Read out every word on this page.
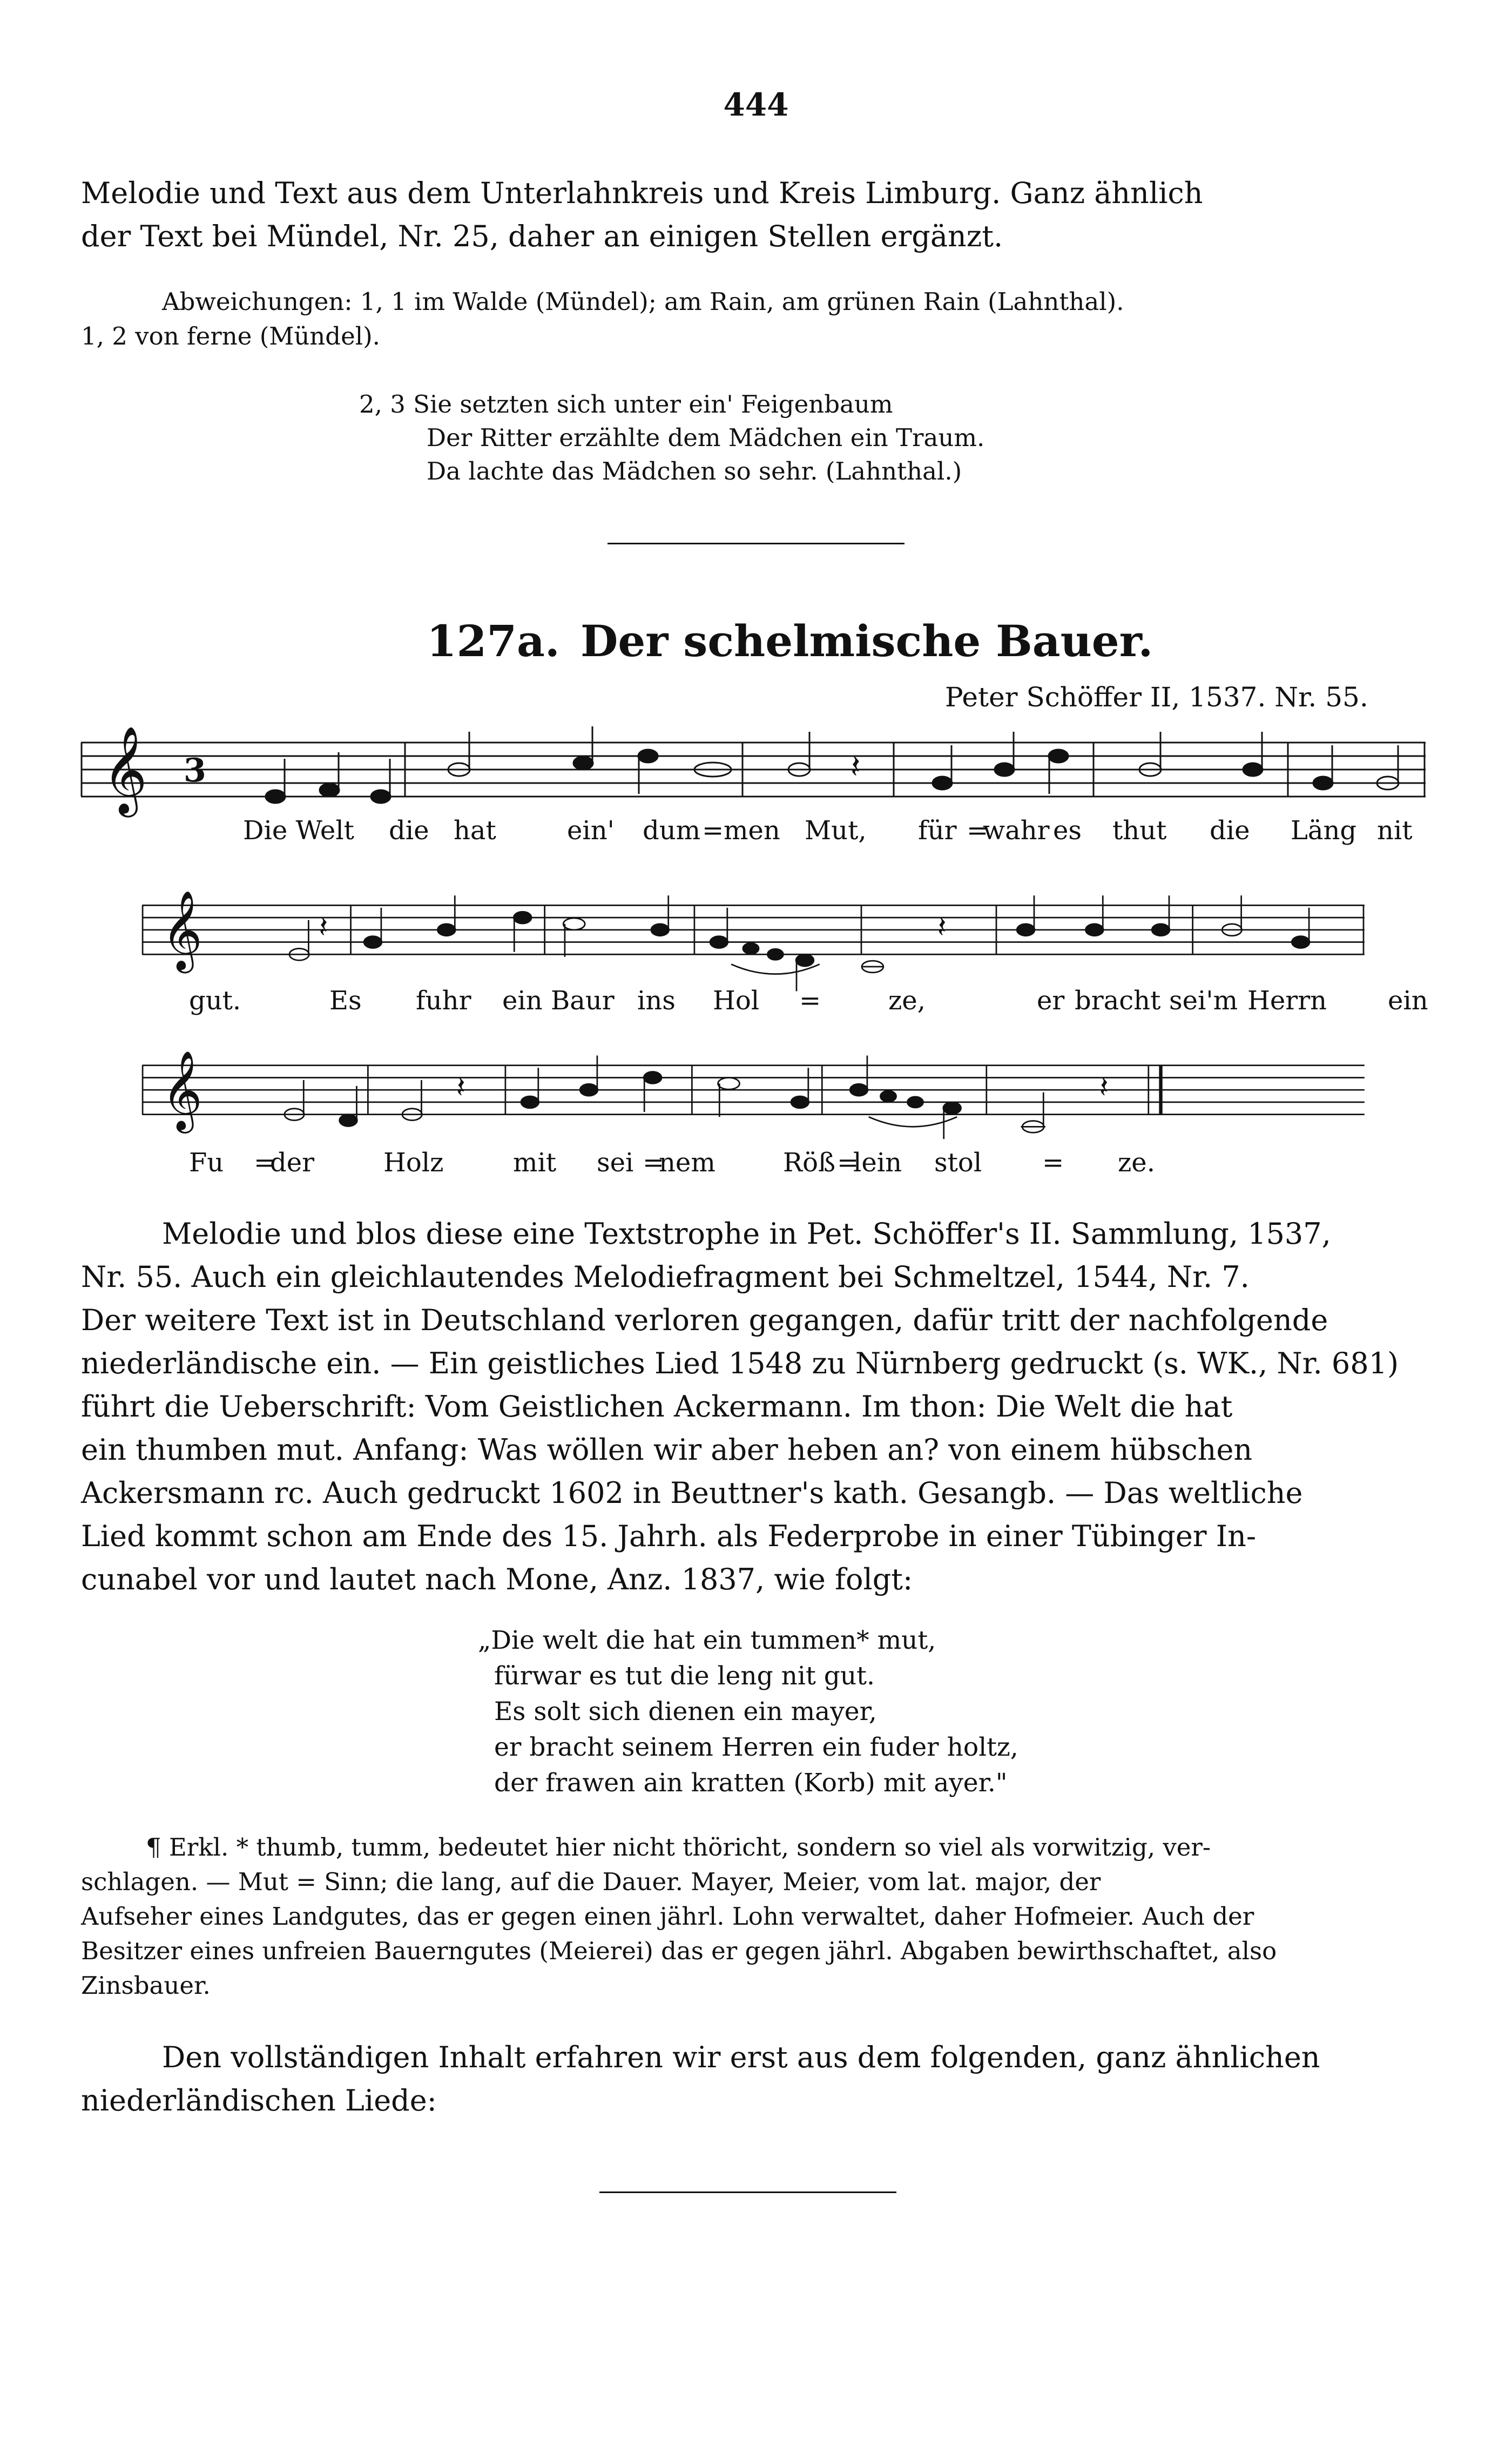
444
Melodie und Text aus dem Unterlahnkreis und Kreis Limburg. Ganz ähnlich
der Text bei Mündel, Nr. 25, daher an einigen Stellen ergänzt.
Abweichungen: 1, 1 im Walde (Mündel); am Rain, am grünen Rain (Lahnthal).
1, 2 von ferne (Mündel).
2, 3 Sie setzten sich unter ein' Feigenbaum
Der Ritter erzählte dem Mädchen ein Traum.
Da lachte das Mädchen so sehr. (Lahnthal.)
127a. Der schelmische Bauer.
Peter Schöffer II, 1537. Nr. 55.
𝄞 3	𝄽
Die Welt die hat	ein' dum = men Mut, für =
wahr es thut die Läng nit
𝄞	𝄽	𝄽
gut.	Es fuhr ein Baur ins Hol =	ze,	er bracht sei'm Herrn ein
𝄞	𝄽	𝄽
Fu =
der	Holz	mit sei =
nem	Röß =
lein stol = ze.
Melodie und blos diese eine Textstrophe in Pet. Schöffer's II. Sammlung, 1537,
Nr. 55. Auch ein gleichlautendes Melodiefragment bei Schmeltzel, 1544, Nr. 7.
Der weitere Text ist in Deutschland verloren gegangen, dafür tritt der nachfolgende
niederländische ein. — Ein geistliches Lied 1548 zu Nürnberg gedruckt (s. WK., Nr. 681)
führt die Ueberschrift: Vom Geistlichen Ackermann. Im thon: Die Welt die hat
ein thumben mut. Anfang: Was wöllen wir aber heben an? von einem hübschen
Ackersmann rc. Auch gedruckt 1602 in Beuttner's kath. Gesangb. — Das weltliche
Lied kommt schon am Ende des 15. Jahrh. als Federprobe in einer Tübinger In-
cunabel vor und lautet nach Mone, Anz. 1837, wie folgt:
„Die welt die hat ein tummen* mut,
fürwar es tut die leng nit gut.
Es solt sich dienen ein mayer,
er bracht seinem Herren ein fuder holtz,
der frawen ain kratten (Korb) mit ayer."
¶ Erkl. * thumb, tumm, bedeutet hier nicht thöricht, sondern so viel als vorwitzig, ver-
schlagen. — Mut = Sinn; die lang, auf die Dauer. Mayer, Meier, vom lat. major, der
Aufseher eines Landgutes, das er gegen einen jährl. Lohn verwaltet, daher Hofmeier. Auch der
Besitzer eines unfreien Bauerngutes (Meierei) das er gegen jährl. Abgaben bewirthschaftet, also
Zinsbauer.
Den vollständigen Inhalt erfahren wir erst aus dem folgenden, ganz ähnlichen
niederländischen Liede:
